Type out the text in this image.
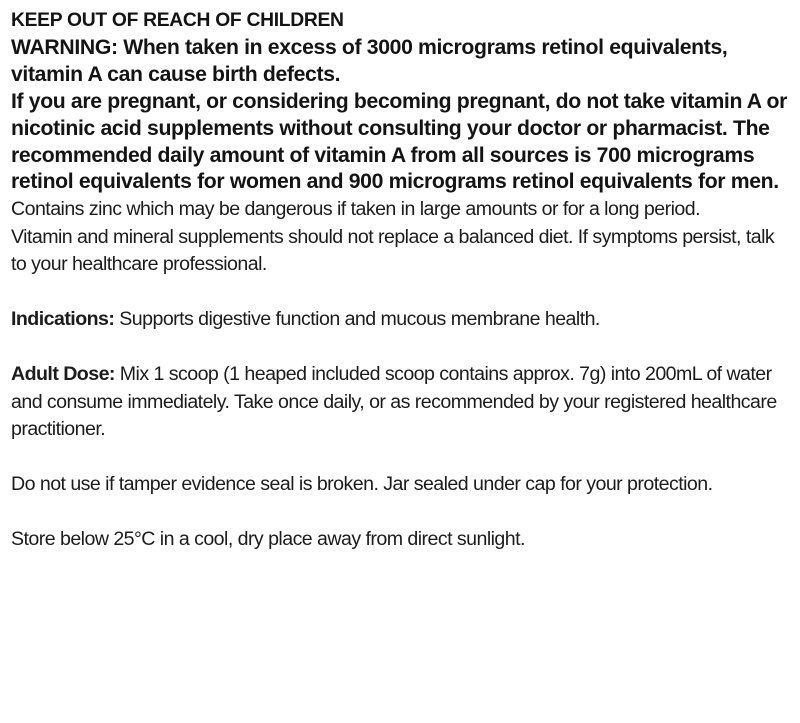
KEEP OUT OF REACH OF CHILDREN

WARNING: When taken in excess of 3000 micrograms retinol equivalents, vitamin A can cause birth defects.

If you are pregnant, or considering becoming pregnant, do not take vitamin A or nicotinic acid supplements without consulting your doctor or pharmacist. The recommended daily amount of vitamin A from all sources is 700 micrograms retinol equivalents for women and 900 micrograms retinol equivalents for men.

Contains zinc which may be dangerous if taken in large amounts or for a long period.

Vitamin and mineral supplements should not replace a balanced diet. If symptoms persist, talk to your healthcare professional.

Indications: Supports digestive function and mucous membrane health.

Adult Dose: Mix 1 scoop (1 heaped included scoop contains approx. 7g) into 200mL of water and consume immediately. Take once daily, or as recommended by your registered healthcare practitioner.

Do not use if tamper evidence seal is broken. Jar sealed under cap for your protection.

Store below 25°C in a cool, dry place away from direct sunlight.
